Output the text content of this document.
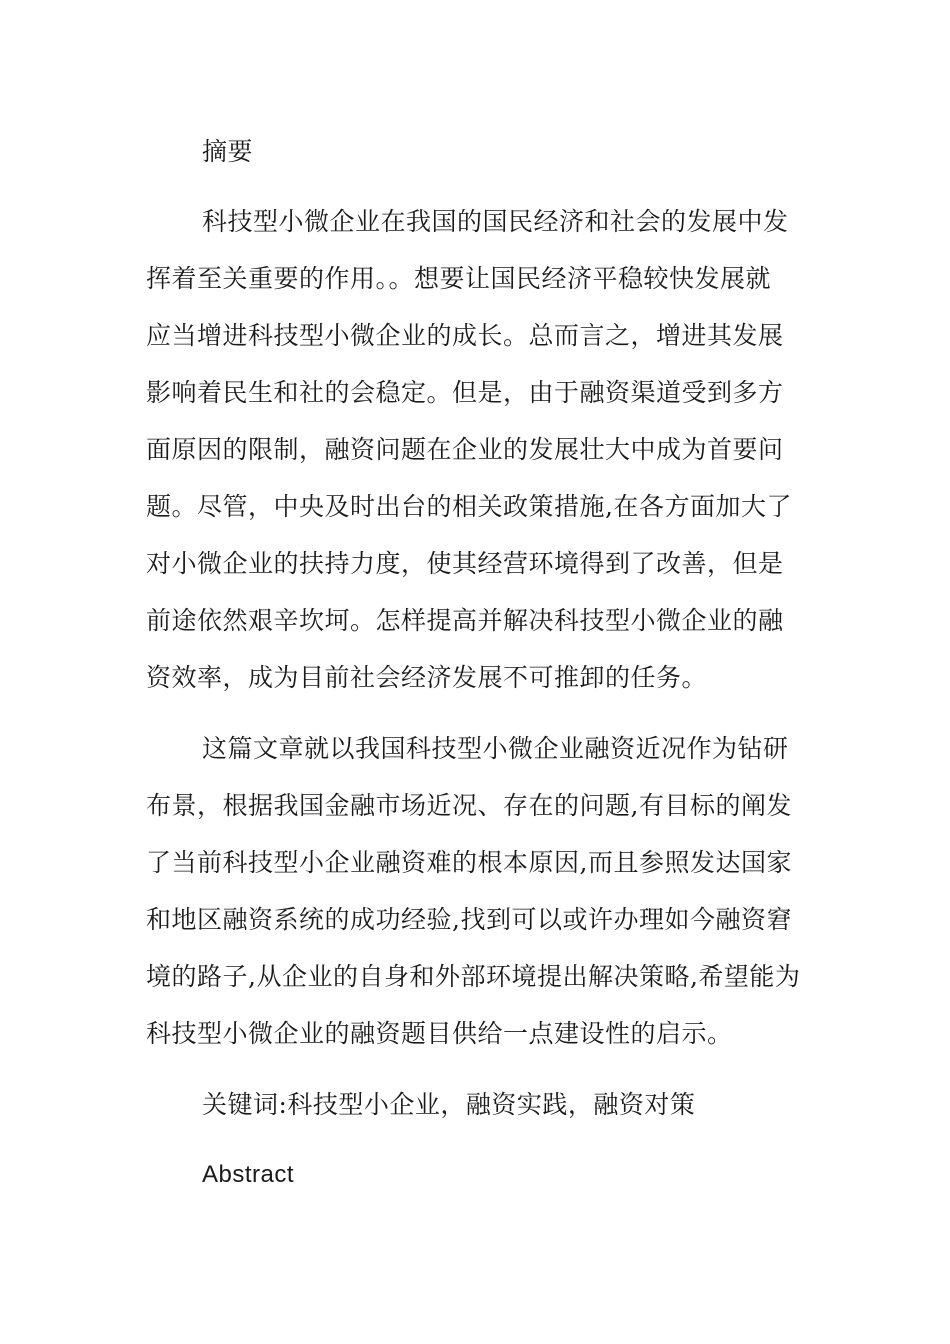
摘要
科技型小微企业在我国的国民经济和社会的发展中发
挥着至关重要的作用。。想要让国民经济平稳较快发展就
应当增进科技型小微企业的成长。总而言之，增进其发展
影响着民生和社的会稳定。但是，由于融资渠道受到多方
面原因的限制，融资问题在企业的发展壮大中成为首要问
题。尽管，中央及时出台的相关政策措施,在各方面加大了
对小微企业的扶持力度，使其经营环境得到了改善，但是
前途依然艰辛坎坷。怎样提高并解决科技型小微企业的融
资效率，成为目前社会经济发展不可推卸的任务。
这篇文章就以我国科技型小微企业融资近况作为钻研
布景，根据我国金融市场近况、存在的问题,有目标的阐发
了当前科技型小企业融资难的根本原因,而且参照发达国家
和地区融资系统的成功经验,找到可以或许办理如今融资窘
境的路子,从企业的自身和外部环境提出解决策略,希望能为
科技型小微企业的融资题目供给一点建设性的启示。
关键词:科技型小企业，融资实践，融资对策
Abstract
